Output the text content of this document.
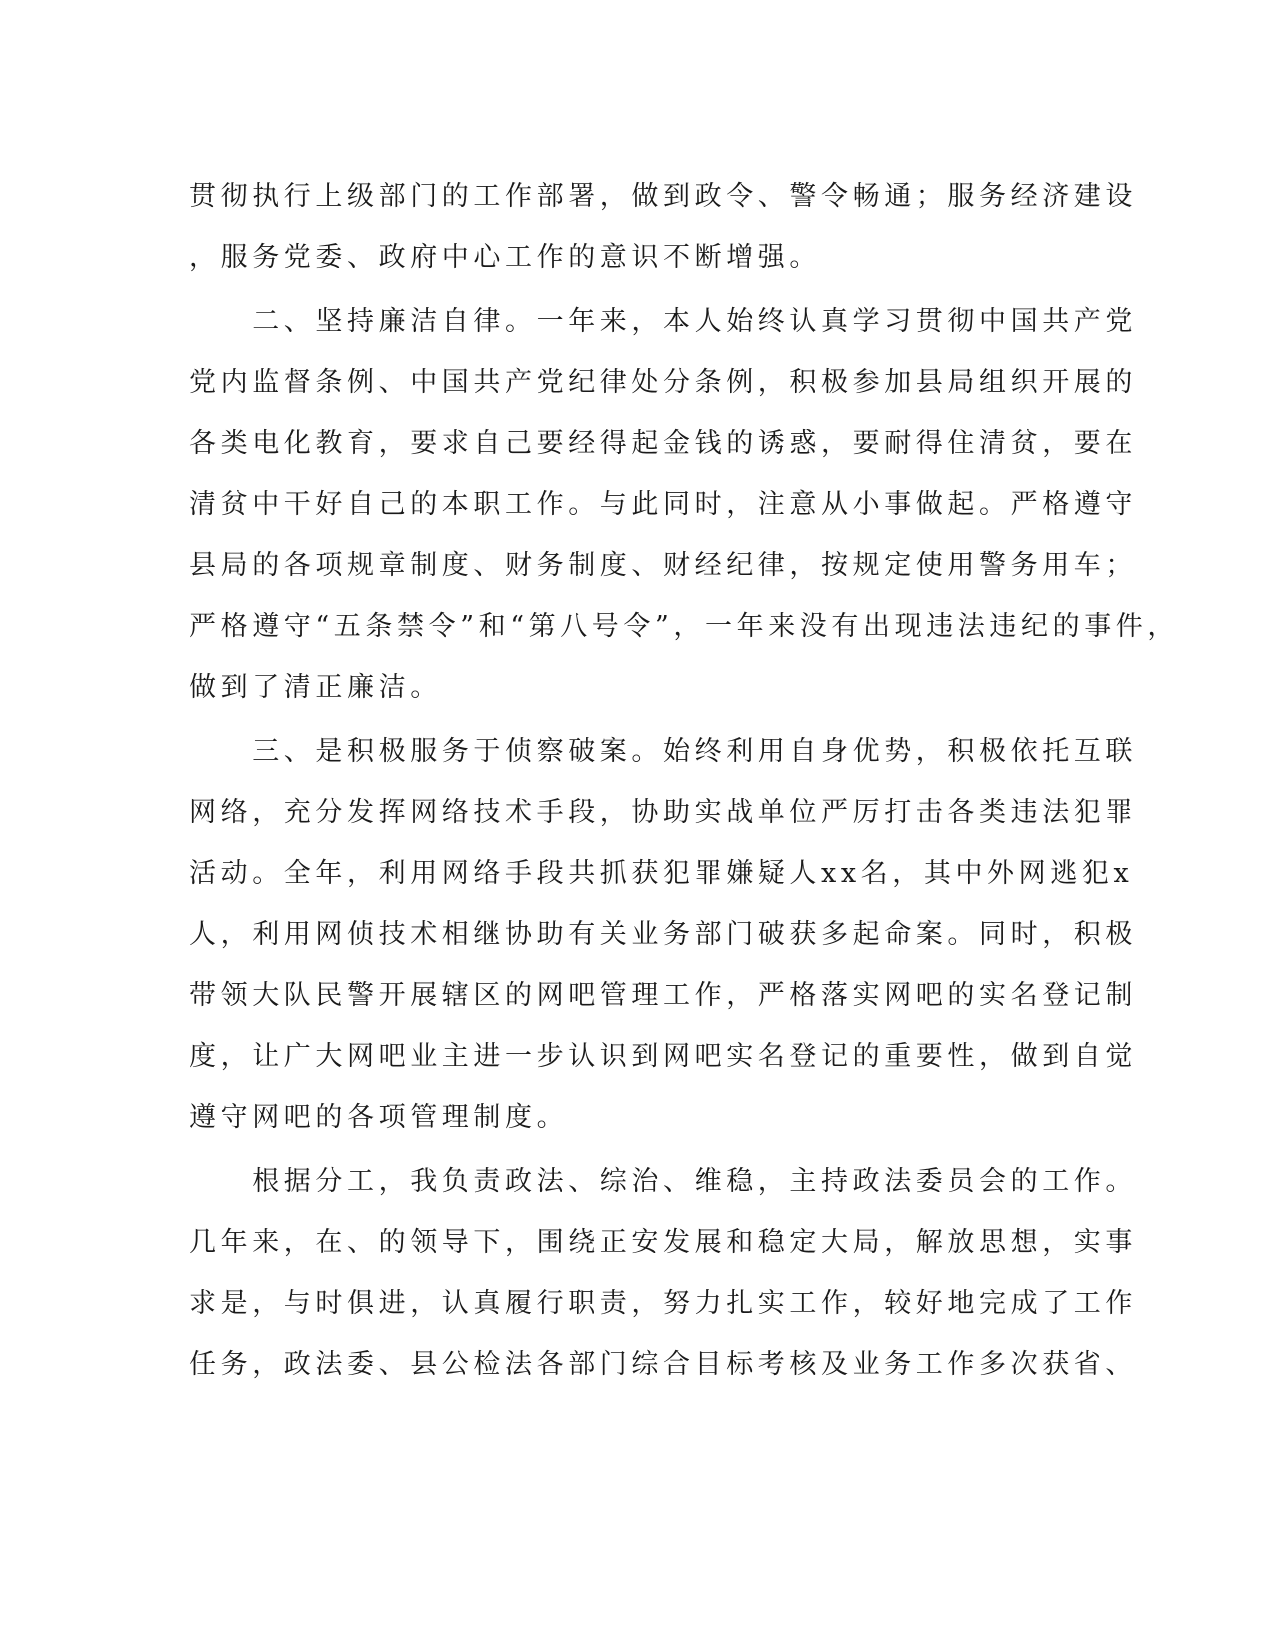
贯彻执行上级部门的工作部署，做到政令、警令畅通；服务经济建设
，服务党委、政府中心工作的意识不断增强。
　　二、坚持廉洁自律。一年来，本人始终认真学习贯彻中国共产党
党内监督条例、中国共产党纪律处分条例，积极参加县局组织开展的
各类电化教育，要求自己要经得起金钱的诱惑，要耐得住清贫，要在
清贫中干好自己的本职工作。与此同时，注意从小事做起。严格遵守
县局的各项规章制度、财务制度、财经纪律，按规定使用警务用车；
严格遵守“五条禁令”和“第八号令”，一年来没有出现违法违纪的事件，
做到了清正廉洁。
　　三、是积极服务于侦察破案。始终利用自身优势，积极依托互联
网络，充分发挥网络技术手段，协助实战单位严厉打击各类违法犯罪
活动。全年，利用网络手段共抓获犯罪嫌疑人xx名，其中外网逃犯x
人，利用网侦技术相继协助有关业务部门破获多起命案。同时，积极
带领大队民警开展辖区的网吧管理工作，严格落实网吧的实名登记制
度，让广大网吧业主进一步认识到网吧实名登记的重要性，做到自觉
遵守网吧的各项管理制度。
　　根据分工，我负责政法、综治、维稳，主持政法委员会的工作。
几年来，在、的领导下，围绕正安发展和稳定大局，解放思想，实事
求是，与时俱进，认真履行职责，努力扎实工作，较好地完成了工作
任务，政法委、县公检法各部门综合目标考核及业务工作多次获省、
